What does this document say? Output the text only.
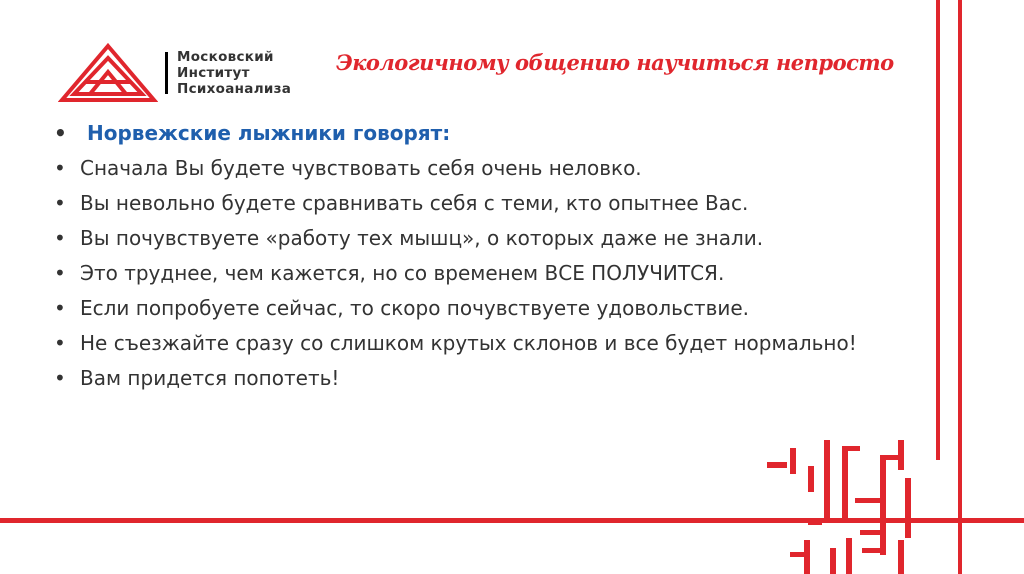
Московский
Институт
Психоанализа
Экологичному общению научиться непросто
• Норвежские лыжники говорят:
• Сначала Вы будете чувствовать себя очень неловко.
• Вы невольно будете сравнивать себя с теми, кто опытнее Вас.
• Вы почувствуете «работу тех мышц», о которых даже не знали.
• Это труднее, чем кажется, но со временем ВСЕ ПОЛУЧИТСЯ.
• Если попробуете сейчас, то скоро почувствуете удовольствие.
• Не съезжайте сразу со слишком крутых склонов и все будет нормально!
• Вам придется попотеть!
